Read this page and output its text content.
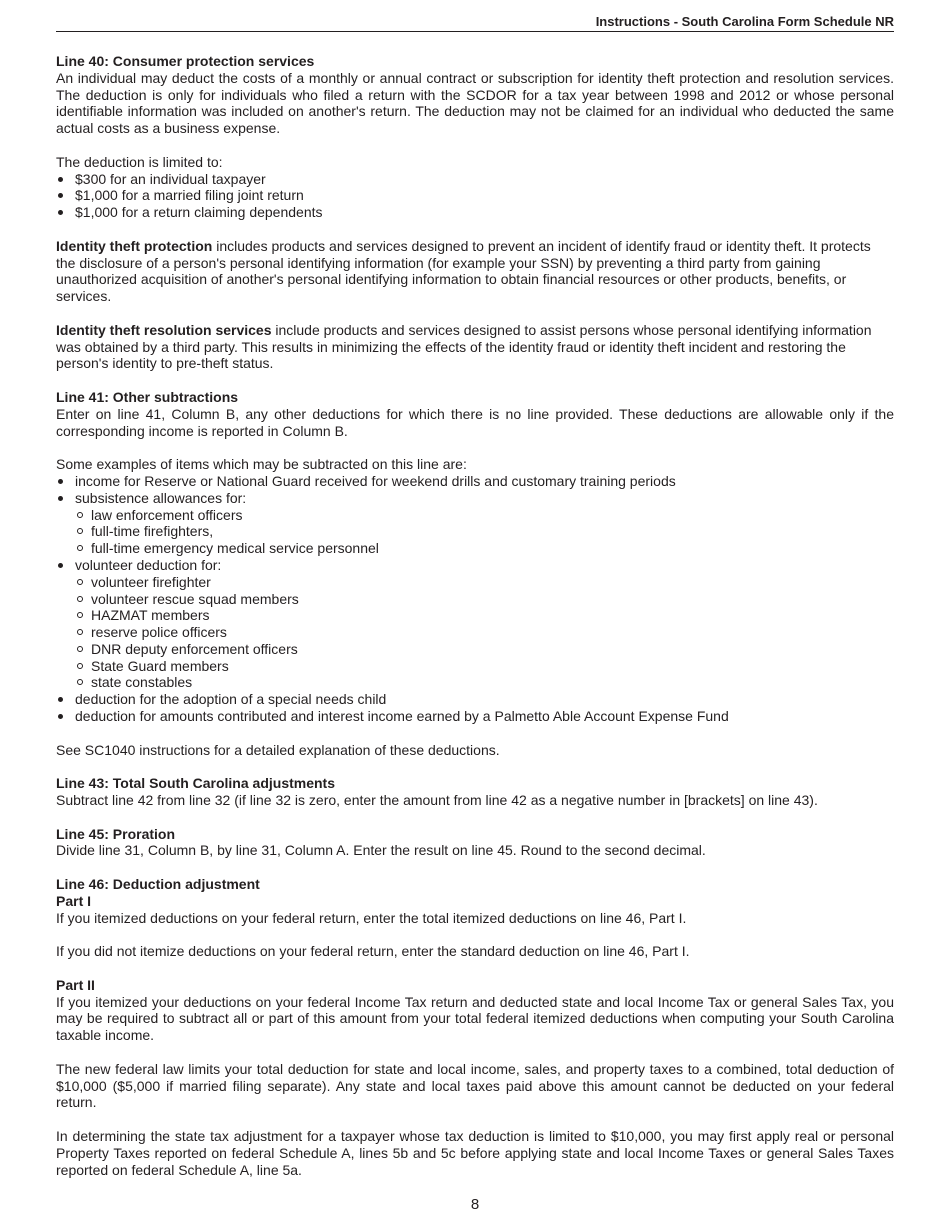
Instructions - South Carolina Form Schedule NR

Line 40: Consumer protection services

An individual may deduct the costs of a monthly or annual contract or subscription for identity theft protection and resolution services. The deduction is only for individuals who filed a return with the SCDOR for a tax year between 1998 and 2012 or whose personal identifiable information was included on another's return. The deduction may not be claimed for an individual who deducted the same actual costs as a business expense.

The deduction is limited to:

$300 for an individual taxpayer
$1,000 for a married filing joint return
$1,000 for a return claiming dependents

Identity theft protection includes products and services designed to prevent an incident of identify fraud or identity theft. It protects the disclosure of a person's personal identifying information (for example your SSN) by preventing a third party from gaining unauthorized acquisition of another's personal identifying information to obtain financial resources or other products, benefits, or services.

Identity theft resolution services include products and services designed to assist persons whose personal identifying information was obtained by a third party. This results in minimizing the effects of the identity fraud or identity theft incident and restoring the person's identity to pre-theft status.

Line 41: Other subtractions

Enter on line 41, Column B, any other deductions for which there is no line provided. These deductions are allowable only if the corresponding income is reported in Column B.

Some examples of items which may be subtracted on this line are:

income for Reserve or National Guard received for weekend drills and customary training periods
subsistence allowances for:
law enforcement officers
full-time firefighters,
full-time emergency medical service personnel
volunteer deduction for:
volunteer firefighter
volunteer rescue squad members
HAZMAT members
reserve police officers
DNR deputy enforcement officers
State Guard members
state constables
deduction for the adoption of a special needs child
deduction for amounts contributed and interest income earned by a Palmetto Able Account Expense Fund

See SC1040 instructions for a detailed explanation of these deductions.

Line 43: Total South Carolina adjustments

Subtract line 42 from line 32 (if line 32 is zero, enter the amount from line 42 as a negative number in [brackets] on line 43).

Line 45: Proration

Divide line 31, Column B, by line 31, Column A. Enter the result on line 45. Round to the second decimal.

Line 46: Deduction adjustment

Part I

If you itemized deductions on your federal return, enter the total itemized deductions on line 46, Part I.

If you did not itemize deductions on your federal return, enter the standard deduction on line 46, Part I.

Part II

If you itemized your deductions on your federal Income Tax return and deducted state and local Income Tax or general Sales Tax, you may be required to subtract all or part of this amount from your total federal itemized deductions when computing your South Carolina taxable income.

The new federal law limits your total deduction for state and local income, sales, and property taxes to a combined, total deduction of $10,000 ($5,000 if married filing separate). Any state and local taxes paid above this amount cannot be deducted on your federal return.

In determining the state tax adjustment for a taxpayer whose tax deduction is limited to $10,000, you may first apply real or personal Property Taxes reported on federal Schedule A, lines 5b and 5c before applying state and local Income Taxes or general Sales Taxes reported on federal Schedule A, line 5a.

8
